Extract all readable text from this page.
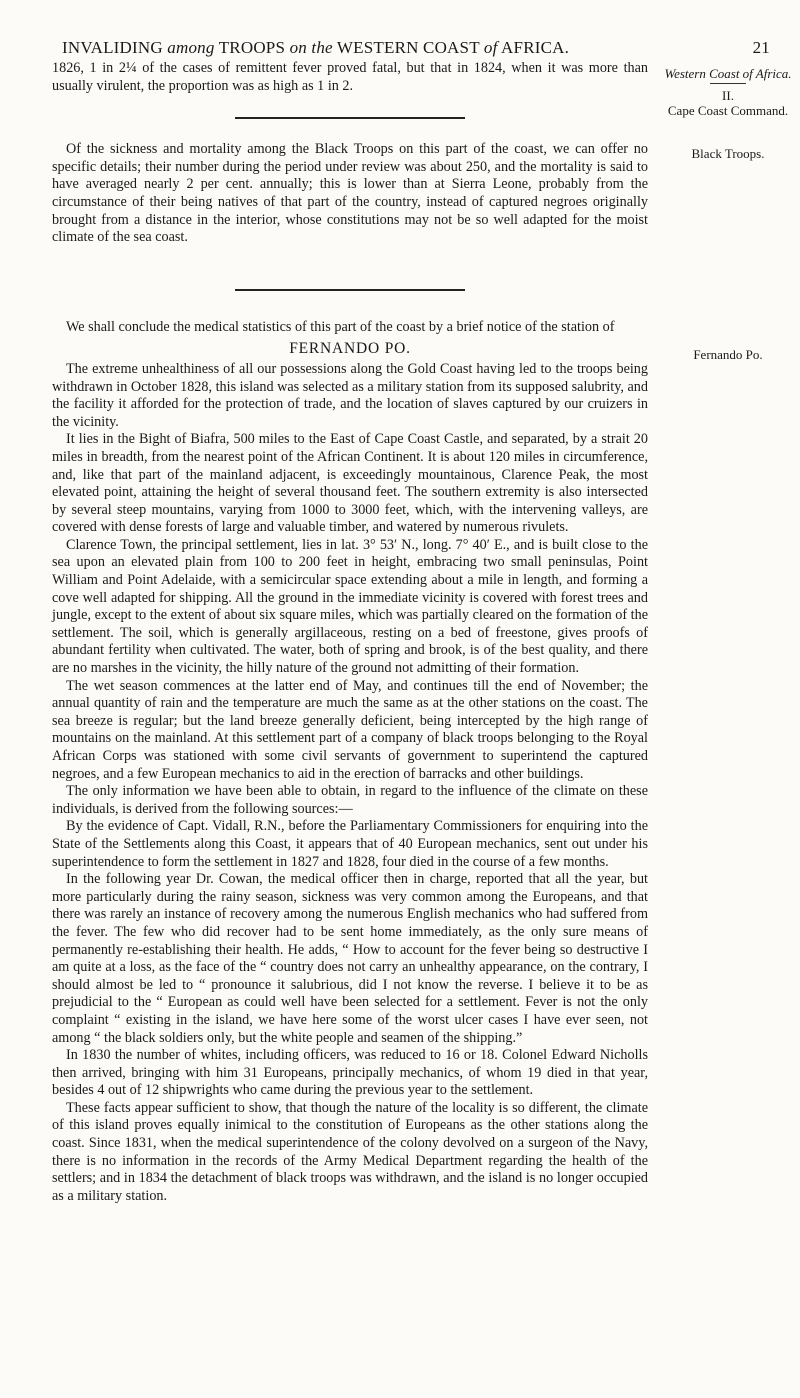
INVALIDING among TROOPS on the WESTERN COAST of AFRICA.	21

1826, 1 in 2¼ of the cases of remittent fever proved fatal, but that in 1824, when it was more than usually virulent, the proportion was as high as 1 in 2.

Of the sickness and mortality among the Black Troops on this part of the coast, we can offer no specific details; their number during the period under review was about 250, and the mortality is said to have averaged nearly 2 per cent. annually; this is lower than at Sierra Leone, probably from the circumstance of their being natives of that part of the country, instead of captured negroes originally brought from a distance in the interior, whose constitutions may not be so well adapted for the moist climate of the sea coast.

We shall conclude the medical statistics of this part of the coast by a brief notice of the station of

FERNANDO PO.

The extreme unhealthiness of all our possessions along the Gold Coast having led to the troops being withdrawn in October 1828, this island was selected as a military station from its supposed salubrity, and the facility it afforded for the protection of trade, and the location of slaves captured by our cruizers in the vicinity.

It lies in the Bight of Biafra, 500 miles to the East of Cape Coast Castle, and separated, by a strait 20 miles in breadth, from the nearest point of the African Continent. It is about 120 miles in circumference, and, like that part of the mainland adjacent, is exceedingly mountainous, Clarence Peak, the most elevated point, attaining the height of several thousand feet. The southern extremity is also intersected by several steep mountains, varying from 1000 to 3000 feet, which, with the intervening valleys, are covered with dense forests of large and valuable timber, and watered by numerous rivulets.

Clarence Town, the principal settlement, lies in lat. 3° 53′ N., long. 7° 40′ E., and is built close to the sea upon an elevated plain from 100 to 200 feet in height, embracing two small peninsulas, Point William and Point Adelaide, with a semicircular space extending about a mile in length, and forming a cove well adapted for shipping. All the ground in the immediate vicinity is covered with forest trees and jungle, except to the extent of about six square miles, which was partially cleared on the formation of the settlement. The soil, which is generally argillaceous, resting on a bed of freestone, gives proofs of abundant fertility when cultivated. The water, both of spring and brook, is of the best quality, and there are no marshes in the vicinity, the hilly nature of the ground not admitting of their formation.

The wet season commences at the latter end of May, and continues till the end of November; the annual quantity of rain and the temperature are much the same as at the other stations on the coast. The sea breeze is regular; but the land breeze generally deficient, being intercepted by the high range of mountains on the mainland. At this settlement part of a company of black troops belonging to the Royal African Corps was stationed with some civil servants of government to superintend the captured negroes, and a few European mechanics to aid in the erection of barracks and other buildings.

The only information we have been able to obtain, in regard to the influence of the climate on these individuals, is derived from the following sources:—

By the evidence of Capt. Vidall, R.N., before the Parliamentary Commissioners for enquiring into the State of the Settlements along this Coast, it appears that of 40 European mechanics, sent out under his superintendence to form the settlement in 1827 and 1828, four died in the course of a few months.

In the following year Dr. Cowan, the medical officer then in charge, reported that all the year, but more particularly during the rainy season, sickness was very common among the Europeans, and that there was rarely an instance of recovery among the numerous English mechanics who had suffered from the fever. The few who did recover had to be sent home immediately, as the only sure means of permanently re-establishing their health. He adds, “ How to account for the fever being so destructive I am quite at a loss, as the face of the “ country does not carry an unhealthy appearance, on the contrary, I should almost be led to “ pronounce it salubrious, did I not know the reverse. I believe it to be as prejudicial to the “ European as could well have been selected for a settlement. Fever is not the only complaint “ existing in the island, we have here some of the worst ulcer cases I have ever seen, not among “ the black soldiers only, but the white people and seamen of the shipping.”

In 1830 the number of whites, including officers, was reduced to 16 or 18. Colonel Edward Nicholls then arrived, bringing with him 31 Europeans, principally mechanics, of whom 19 died in that year, besides 4 out of 12 shipwrights who came during the previous year to the settlement.

These facts appear sufficient to show, that though the nature of the locality is so different, the climate of this island proves equally inimical to the constitution of Europeans as the other stations along the coast. Since 1831, when the medical superintendence of the colony devolved on a surgeon of the Navy, there is no information in the records of the Army Medical Department regarding the health of the settlers; and in 1834 the detachment of black troops was withdrawn, and the island is no longer occupied as a military station.

Western Coast of Africa.
II.
Cape Coast Command.
Black Troops.
Fernando Po.
